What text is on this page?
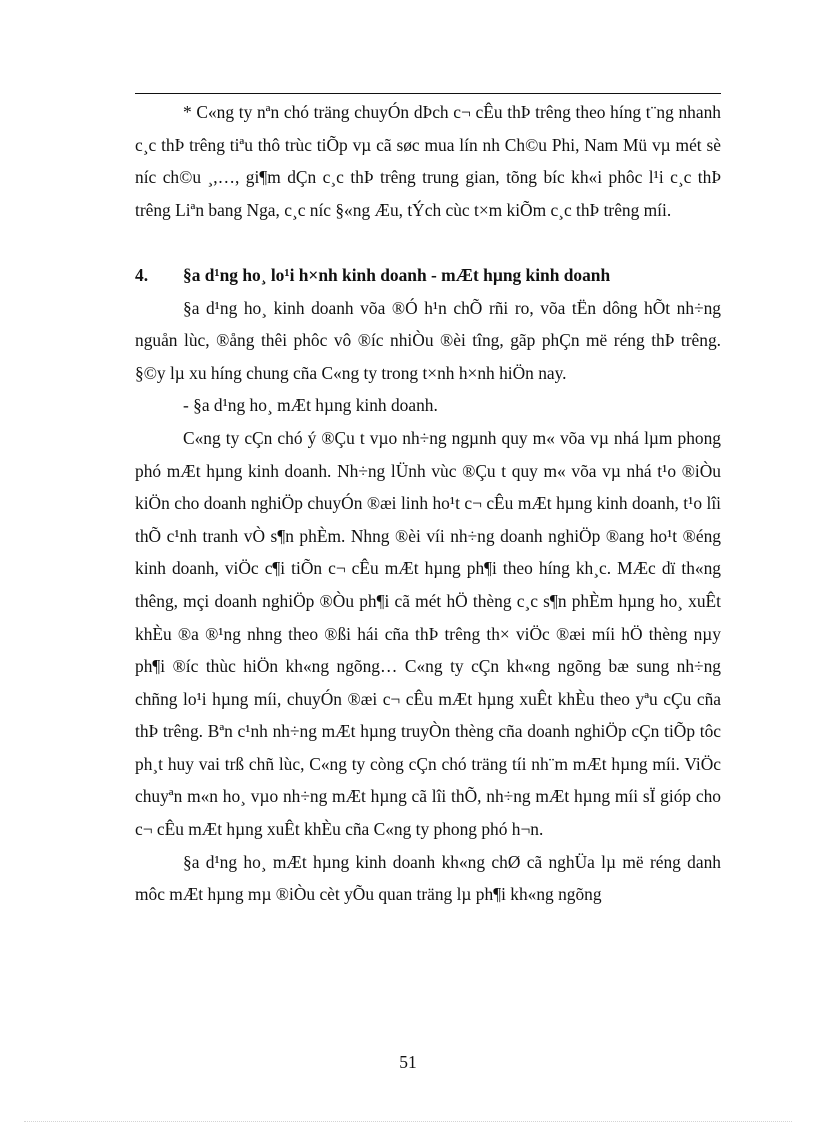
* C«ng ty nªn chó träng chuyÓn dÞch c¬ cÊu thÞ trêng theo híng t¨ng nhanh c¸c thÞ trêng tiªu thô trùc tiÕp vµ cã søc mua lín nh Ch©u Phi, Nam Mü vµ mét sè níc ch©u ¸,…, gi¶m dÇn c¸c thÞ trêng trung gian, tõng bíc kh«i phôc l¹i c¸c thÞ trêng Liªn bang Nga, c¸c níc §«ng Æu, tÝch cùc t×m kiÕm c¸c thÞ trêng míi.

4. §a d¹ng ho¸ lo¹i h×nh kinh doanh - mÆt hµng kinh doanh

§a d¹ng ho¸ kinh doanh võa ®Ó h¹n chÕ rñi ro, võa tËn dông hÕt nh÷ng nguån lùc, ®ång thêi phôc vô ®íc nhiÒu ®èi tîng, gãp phÇn më réng thÞ trêng. §©y lµ xu híng chung cña C«ng ty trong t×nh h×nh hiÖn nay.

- §a d¹ng ho¸ mÆt hµng kinh doanh.

C«ng ty cÇn chó ý ®Çu t vµo nh÷ng ngµnh quy m« võa vµ nhá lµm phong phó mÆt hµng kinh doanh. Nh÷ng lÜnh vùc ®Çu t quy m« võa vµ nhá t¹o ®iÒu kiÖn cho doanh nghiÖp chuyÓn ®æi linh ho¹t c¬ cÊu mÆt hµng kinh doanh, t¹o lîi thÕ c¹nh tranh vÒ s¶n phÈm. Nhng ®èi víi nh÷ng doanh nghiÖp ®ang ho¹t ®éng kinh doanh, viÖc c¶i tiÕn c¬ cÊu mÆt hµng ph¶i theo híng kh¸c. MÆc dï th«ng thêng, mçi doanh nghiÖp ®Òu ph¶i cã mét hÖ thèng c¸c s¶n phÈm hµng ho¸ xuÊt khÈu ®a ®¹ng nhng theo ®ßi hái cña thÞ trêng th× viÖc ®æi míi hÖ thèng nµy ph¶i ®íc thùc hiÖn kh«ng ngõng… C«ng ty cÇn kh«ng ngõng bæ sung nh÷ng chñng lo¹i hµng míi, chuyÓn ®æi c¬ cÊu mÆt hµng xuÊt khÈu theo yªu cÇu cña thÞ trêng. Bªn c¹nh nh÷ng mÆt hµng truyÒn thèng cña doanh nghiÖp cÇn tiÕp tôc ph¸t huy vai trß chñ lùc, C«ng ty còng cÇn chó träng tíi nh¨m mÆt hµng míi. ViÖc chuyªn m«n ho¸ vµo nh÷ng mÆt hµng cã lîi thÕ, nh÷ng mÆt hµng míi sÏ gióp cho c¬ cÊu mÆt hµng xuÊt khÈu cña C«ng ty phong phó h¬n.

§a d¹ng ho¸ mÆt hµng kinh doanh kh«ng chØ cã nghÜa lµ më réng danh môc mÆt hµng mµ ®iÒu cèt yÕu quan träng lµ ph¶i kh«ng ngõng

51
